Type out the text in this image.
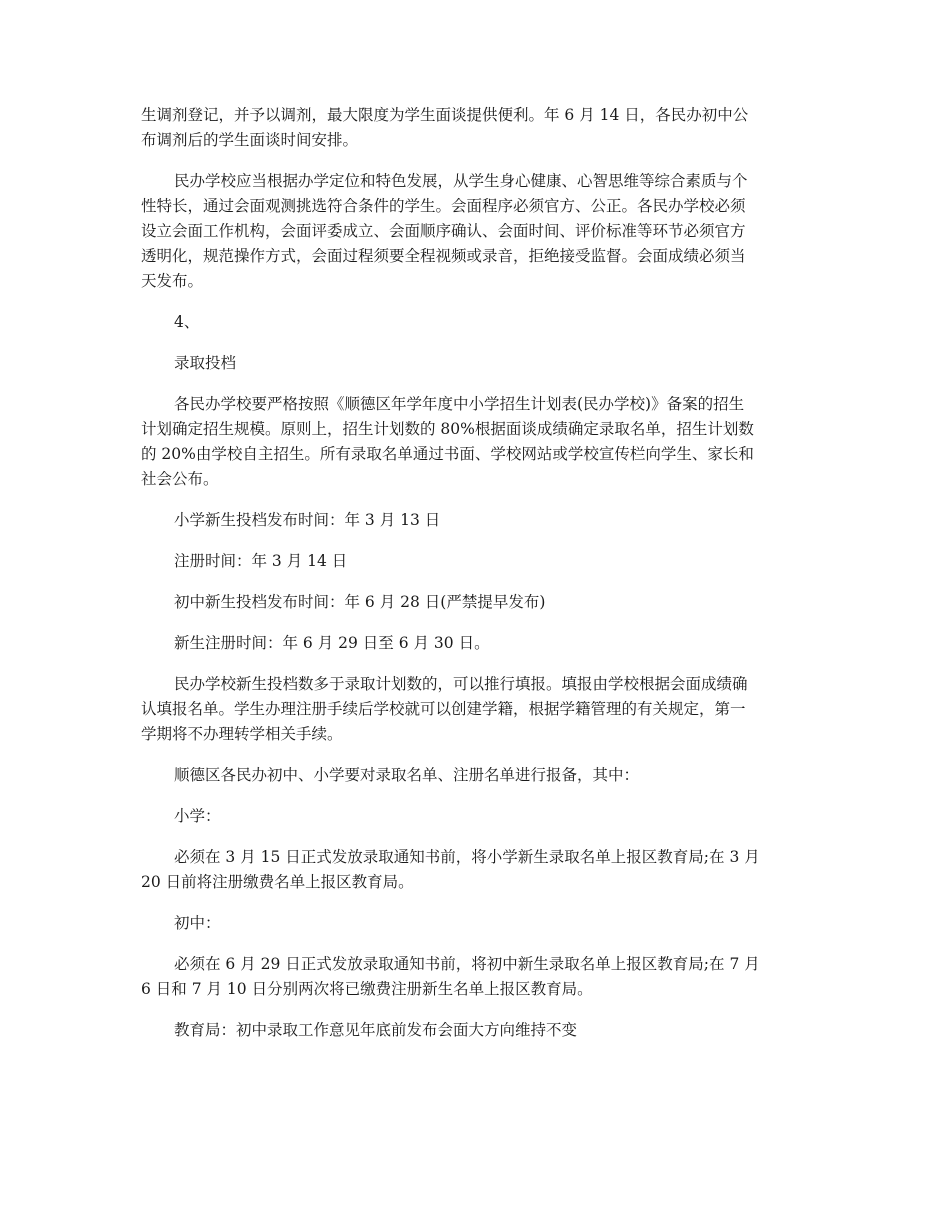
生调剂登记，并予以调剂，最大限度为学生面谈提供便利。年 6 月 14 日，各民办初中公
布调剂后的学生面谈时间安排。

民办学校应当根据办学定位和特色发展，从学生身心健康、心智思维等综合素质与个
性特长，通过会面观测挑选符合条件的学生。会面程序必须官方、公正。各民办学校必须
设立会面工作机构，会面评委成立、会面顺序确认、会面时间、评价标准等环节必须官方
透明化，规范操作方式，会面过程须要全程视频或录音，拒绝接受监督。会面成绩必须当
天发布。

4、

录取投档

各民办学校要严格按照《顺德区年学年度中小学招生计划表(民办学校)》备案的招生
计划确定招生规模。原则上，招生计划数的 80%根据面谈成绩确定录取名单，招生计划数
的 20%由学校自主招生。所有录取名单通过书面、学校网站或学校宣传栏向学生、家长和
社会公布。

小学新生投档发布时间：年 3 月 13 日

注册时间：年 3 月 14 日

初中新生投档发布时间：年 6 月 28 日(严禁提早发布)

新生注册时间：年 6 月 29 日至 6 月 30 日。

民办学校新生投档数多于录取计划数的，可以推行填报。填报由学校根据会面成绩确
认填报名单。学生办理注册手续后学校就可以创建学籍，根据学籍管理的有关规定，第一
学期将不办理转学相关手续。

顺德区各民办初中、小学要对录取名单、注册名单进行报备，其中：

小学：

必须在 3 月 15 日正式发放录取通知书前，将小学新生录取名单上报区教育局;在 3 月
20 日前将注册缴费名单上报区教育局。

初中：

必须在 6 月 29 日正式发放录取通知书前，将初中新生录取名单上报区教育局;在 7 月
6 日和 7 月 10 日分别两次将已缴费注册新生名单上报区教育局。

教育局：初中录取工作意见年底前发布会面大方向维持不变
